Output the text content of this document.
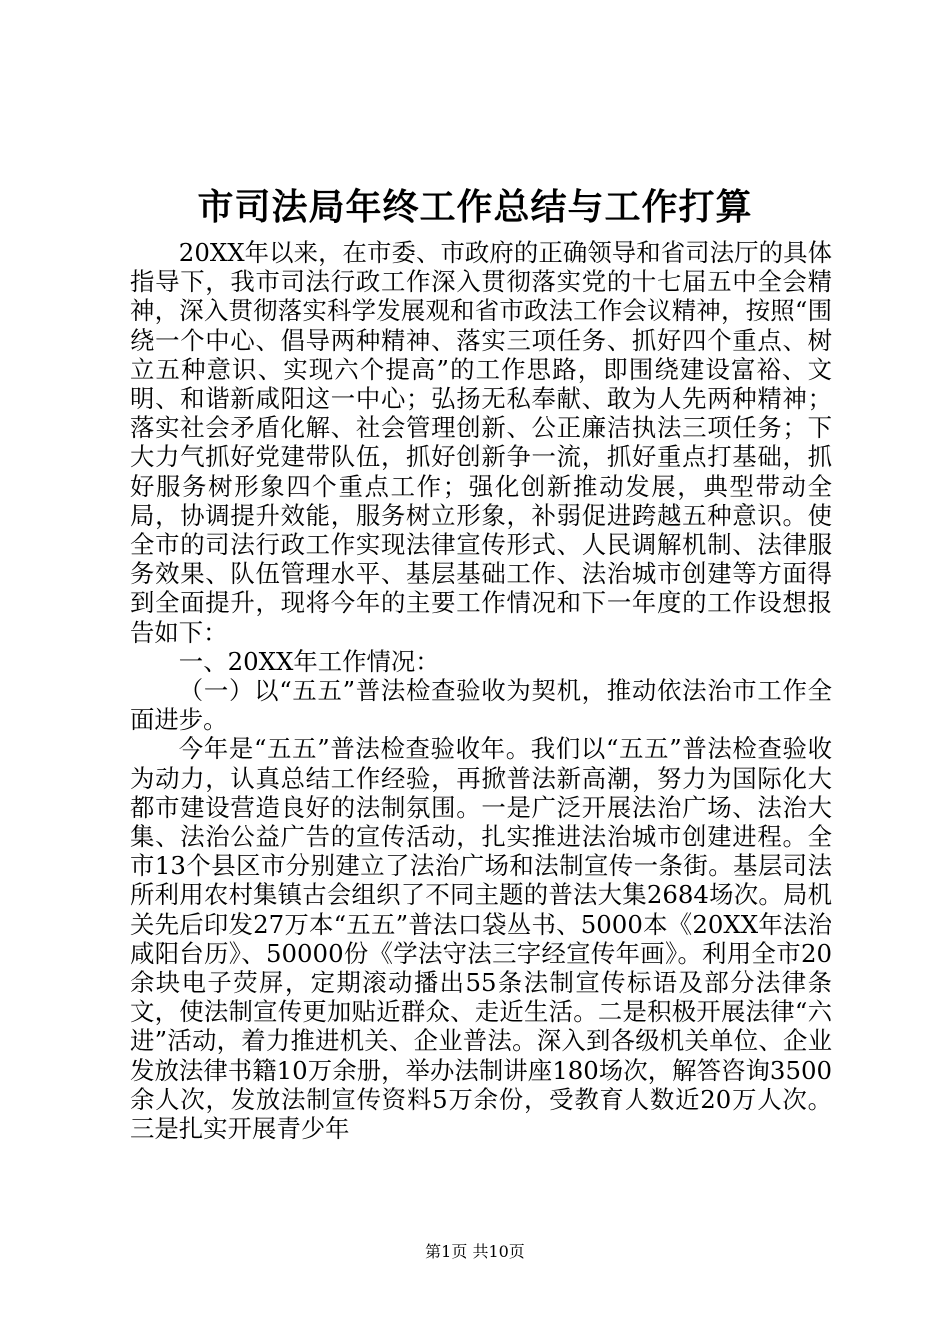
市司法局年终工作总结与工作打算

20XX年以来，在市委、市政府的正确领导和省司法厅的具体指导下，我市司法行政工作深入贯彻落实党的十七届五中全会精神，深入贯彻落实科学发展观和省市政法工作会议精神，按照“围绕一个中心、倡导两种精神、落实三项任务、抓好四个重点、树立五种意识、实现六个提高”的工作思路，即围绕建设富裕、文明、和谐新咸阳这一中心；弘扬无私奉献、敢为人先两种精神；落实社会矛盾化解、社会管理创新、公正廉洁执法三项任务；下大力气抓好党建带队伍，抓好创新争一流，抓好重点打基础，抓好服务树形象四个重点工作；强化创新推动发展，典型带动全局，协调提升效能，服务树立形象，补弱促进跨越五种意识。使全市的司法行政工作实现法律宣传形式、人民调解机制、法律服务效果、队伍管理水平、基层基础工作、法治城市创建等方面得到全面提升，现将今年的主要工作情况和下一年度的工作设想报告如下：

一、20XX年工作情况：

（一）以“五五”普法检查验收为契机，推动依法治市工作全面进步。

今年是“五五”普法检查验收年。我们以“五五”普法检查验收为动力，认真总结工作经验，再掀普法新高潮，努力为国际化大都市建设营造良好的法制氛围。一是广泛开展法治广场、法治大集、法治公益广告的宣传活动，扎实推进法治城市创建进程。全市13个县区市分别建立了法治广场和法制宣传一条街。基层司法所利用农村集镇古会组织了不同主题的普法大集2684场次。局机关先后印发27万本“五五”普法口袋丛书、5000本《20XX年法治咸阳台历》、50000份《学法守法三字经宣传年画》。利用全市20余块电子荧屏，定期滚动播出55条法制宣传标语及部分法律条文，使法制宣传更加贴近群众、走近生活。二是积极开展法律“六进”活动，着力推进机关、企业普法。深入到各级机关单位、企业发放法律书籍10万余册，举办法制讲座180场次，解答咨询3500余人次，发放法制宣传资料5万余份，受教育人数近20万人次。三是扎实开展青少年

第1页 共10页
